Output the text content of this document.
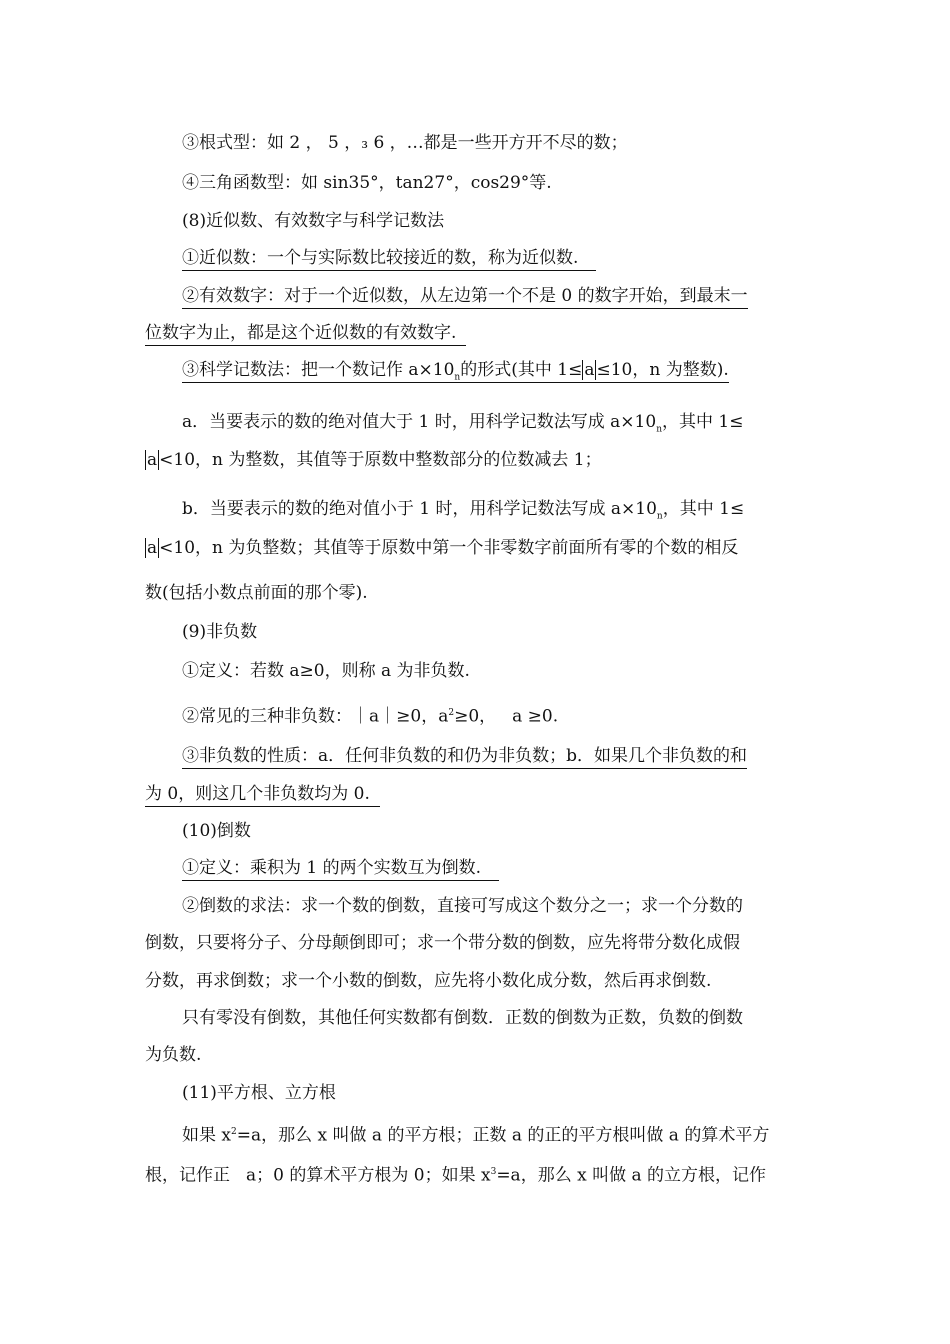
③根式型：如 2 ， 5 ，₃ 6 ，…都是一些开方开不尽的数；
④三角函数型：如 sin35°，tan27°，cos29°等.
(8)近似数、有效数字与科学记数法
①近似数：一个与实际数比较接近的数，称为近似数.
②有效数字：对于一个近似数，从左边第一个不是 0 的数字开始，到最末一
位数字为止，都是这个近似数的有效数字.
③科学记数法：把一个数记作 $a\times 10_n$的形式(其中 1≤ a ≤10，n 为整数).
a．当要表示的数的绝对值大于 1 时，用科学记数法写成 $a\times 10_n$，其中 1≤
a <10，n 为整数，其值等于原数中整数部分的位数减去 1；
b．当要表示的数的绝对值小于 1 时，用科学记数法写成 $a\times 10_n$，其中 1≤
a <10，n 为负整数；其值等于原数中第一个非零数字前面所有零的个数的相反
数(包括小数点前面的那个零).
(9)非负数
①定义：若数 a≥0，则称 a 为非负数.
②常见的三种非负数：｜a｜≥0，$a^2\ge 0$， a ≥0.
③非负数的性质：a．任何非负数的和仍为非负数；b．如果几个非负数的和
为 0，则这几个非负数均为 0.
(10)倒数
①定义：乘积为 1 的两个实数互为倒数.
②倒数的求法：求一个数的倒数，直接可写成这个数分之一；求一个分数的
倒数，只要将分子、分母颠倒即可；求一个带分数的倒数，应先将带分数化成假
分数，再求倒数；求一个小数的倒数，应先将小数化成分数，然后再求倒数.
只有零没有倒数，其他任何实数都有倒数．正数的倒数为正数，负数的倒数
为负数.
(11)平方根、立方根
如果 $x^2=a$，那么 x 叫做 a 的平方根；正数 a 的正的平方根叫做 a 的算术平方
根，记作正 a；0 的算术平方根为 0；如果 $x^3=a$，那么 x 叫做 a 的立方根，记作
